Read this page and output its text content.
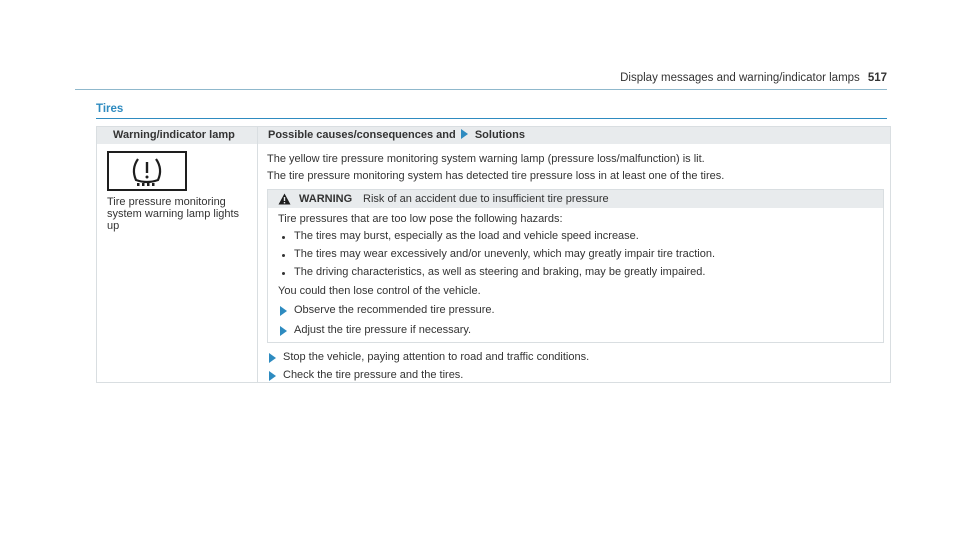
Display messages and warning/indicator lamps 517
Tires
Warning/indicator lamp	Possible causes/consequences and Solutions
Tire pressure monitoring
system warning lamp lights
up
The yellow tire pressure monitoring system warning lamp (pressure loss/malfunction) is lit.
The tire pressure monitoring system has detected tire pressure loss in at least one of the tires.
WARNING Risk of an accident due to insufficient tire pressure
Tire pressures that are too low pose the following hazards:
The tires may burst, especially as the load and vehicle speed increase.
The tires may wear excessively and/or unevenly, which may greatly impair tire traction.
The driving characteristics, as well as steering and braking, may be greatly impaired.
You could then lose control of the vehicle.
Observe the recommended tire pressure.
Adjust the tire pressure if necessary.
Stop the vehicle, paying attention to road and traffic conditions.
Check the tire pressure and the tires.
